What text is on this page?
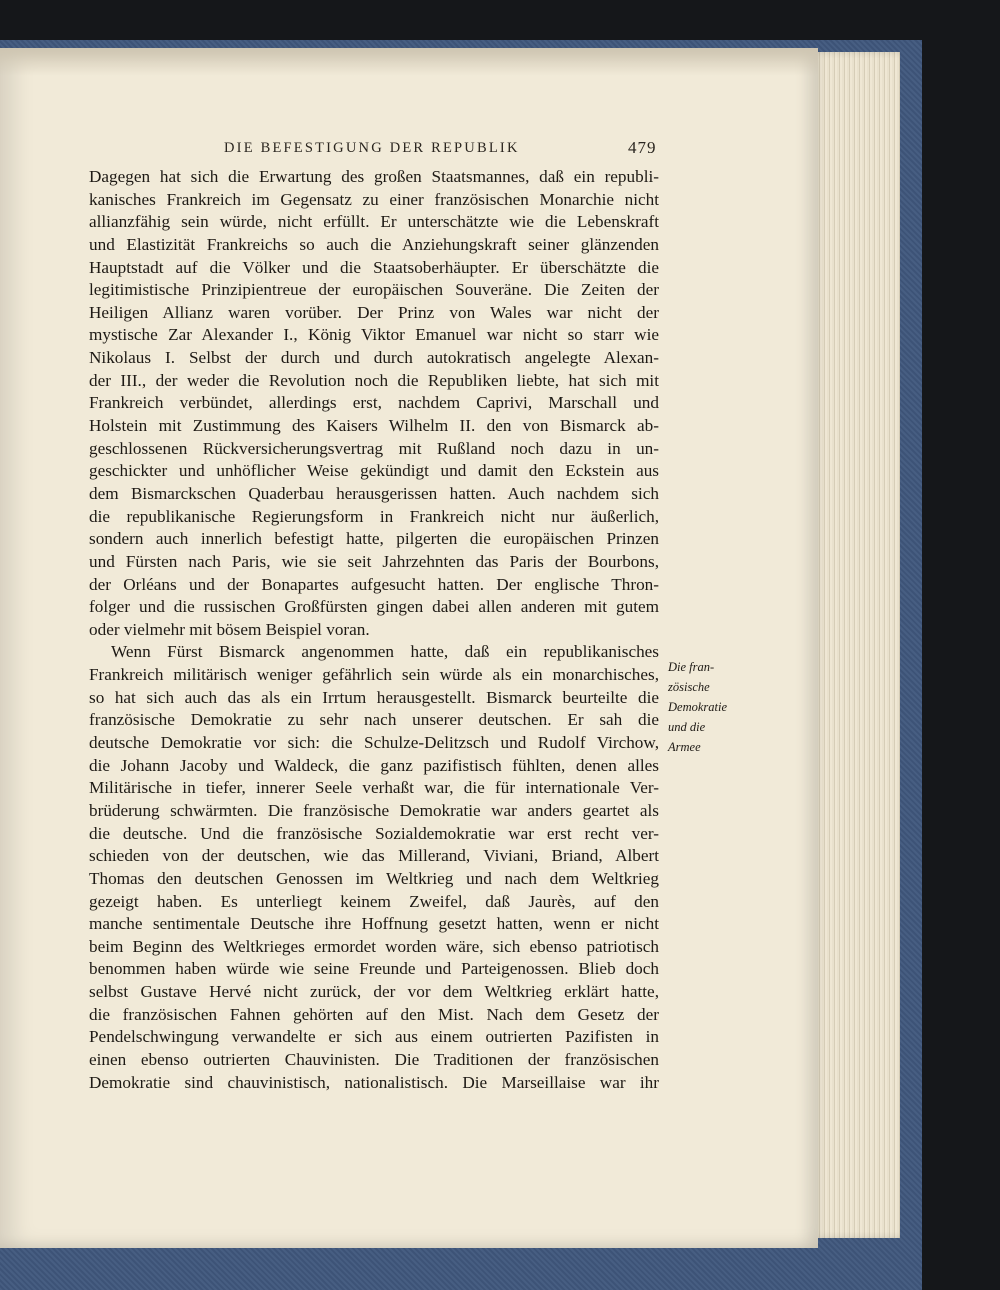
DIE BEFESTIGUNG DER REPUBLIK	479
Dagegen hat sich die Erwartung des großen Staatsmannes, daß ein republi-
kanisches Frankreich im Gegensatz zu einer französischen Monarchie nicht
allianzfähig sein würde, nicht erfüllt. Er unterschätzte wie die Lebenskraft
und Elastizität Frankreichs so auch die Anziehungskraft seiner glänzenden
Hauptstadt auf die Völker und die Staatsoberhäupter. Er überschätzte die
legitimistische Prinzipientreue der europäischen Souveräne. Die Zeiten der
Heiligen Allianz waren vorüber. Der Prinz von Wales war nicht der
mystische Zar Alexander I., König Viktor Emanuel war nicht so starr wie
Nikolaus I. Selbst der durch und durch autokratisch angelegte Alexan-
der III., der weder die Revolution noch die Republiken liebte, hat sich mit
Frankreich verbündet, allerdings erst, nachdem Caprivi, Marschall und
Holstein mit Zustimmung des Kaisers Wilhelm II. den von Bismarck ab-
geschlossenen Rückversicherungsvertrag mit Rußland noch dazu in un-
geschickter und unhöflicher Weise gekündigt und damit den Eckstein aus
dem Bismarckschen Quaderbau herausgerissen hatten. Auch nachdem sich
die republikanische Regierungsform in Frankreich nicht nur äußerlich,
sondern auch innerlich befestigt hatte, pilgerten die europäischen Prinzen
und Fürsten nach Paris, wie sie seit Jahrzehnten das Paris der Bourbons,
der Orléans und der Bonapartes aufgesucht hatten. Der englische Thron-
folger und die russischen Großfürsten gingen dabei allen anderen mit gutem
oder vielmehr mit bösem Beispiel voran.
Wenn Fürst Bismarck angenommen hatte, daß ein republikanisches
Frankreich militärisch weniger gefährlich sein würde als ein monarchisches,
so hat sich auch das als ein Irrtum herausgestellt. Bismarck beurteilte die
französische Demokratie zu sehr nach unserer deutschen. Er sah die
deutsche Demokratie vor sich: die Schulze-Delitzsch und Rudolf Virchow,
die Johann Jacoby und Waldeck, die ganz pazifistisch fühlten, denen alles
Militärische in tiefer, innerer Seele verhaßt war, die für internationale Ver-
brüderung schwärmten. Die französische Demokratie war anders geartet als
die deutsche. Und die französische Sozialdemokratie war erst recht ver-
schieden von der deutschen, wie das Millerand, Viviani, Briand, Albert
Thomas den deutschen Genossen im Weltkrieg und nach dem Weltkrieg
gezeigt haben. Es unterliegt keinem Zweifel, daß Jaurès, auf den
manche sentimentale Deutsche ihre Hoffnung gesetzt hatten, wenn er nicht
beim Beginn des Weltkrieges ermordet worden wäre, sich ebenso patriotisch
benommen haben würde wie seine Freunde und Parteigenossen. Blieb doch
selbst Gustave Hervé nicht zurück, der vor dem Weltkrieg erklärt hatte,
die französischen Fahnen gehörten auf den Mist. Nach dem Gesetz der
Pendelschwingung verwandelte er sich aus einem outrierten Pazifisten in
einen ebenso outrierten Chauvinisten. Die Traditionen der französischen
Demokratie sind chauvinistisch, nationalistisch. Die Marseillaise war ihr
Die fran-
zösische
Demokratie
und die
Armee
